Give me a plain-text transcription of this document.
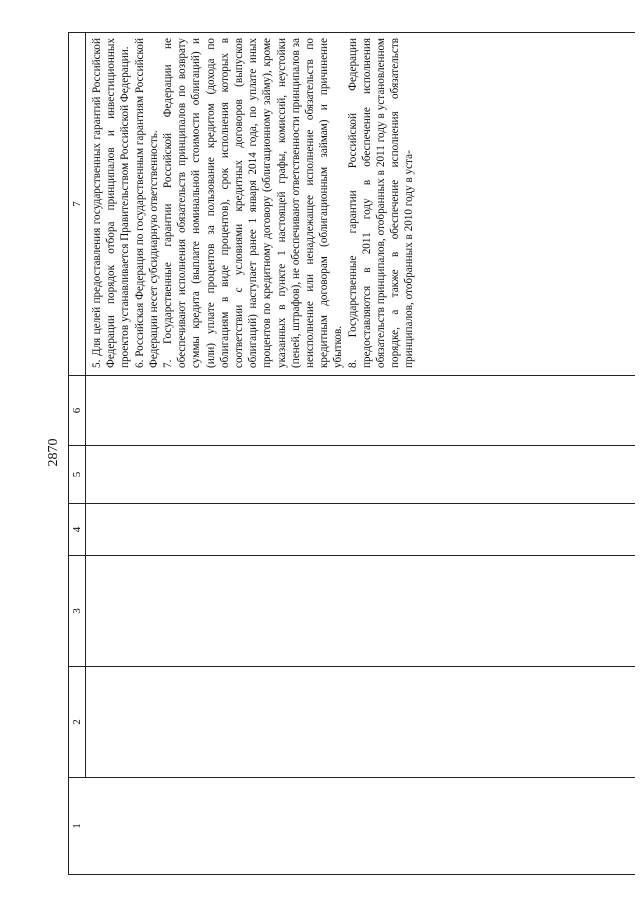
2870
1
2
3
4
5
6
7 5. Для целей предоставления государственных гарантий Российской Федерации порядок отбора принципалов и инвестиционных проектов устанавливается Правительством Российской Федерации. 6. Российская Федерация по государственным гарантиям Российской Федерации несет субсидиарную ответственность. 7. Государственные гарантии Российской Федерации не обеспечивают исполнения обязательств принципалов по возврату суммы кредита (выплате номинальной стоимости облигаций) и (или) уплате процентов за пользование кредитом (дохода по облигациям в виде процентов), срок исполнения которых в соответствии с условиями кредитных договоров (выпусков облигаций) наступает ранее 1 января 2014 года, по уплате иных процентов по кредитному договору (облигационному займу), кроме указанных в пункте 1 настоящей графы, комиссий, неустойки (пеней, штрафов), не обеспечивают ответственности принципалов за неисполнение или ненадлежащее исполнение обязательств по кредитным договорам (облигационным займам) и причинение убытков. 8. Государственные гарантии Российской Федерации предоставляются в 2011 году в обеспечение исполнения обязательств принципалов, отобранных в 2011 году в установленном порядке, а также в обеспечение исполнения обязательств принципалов, отобранных в 2010 году в уста-
